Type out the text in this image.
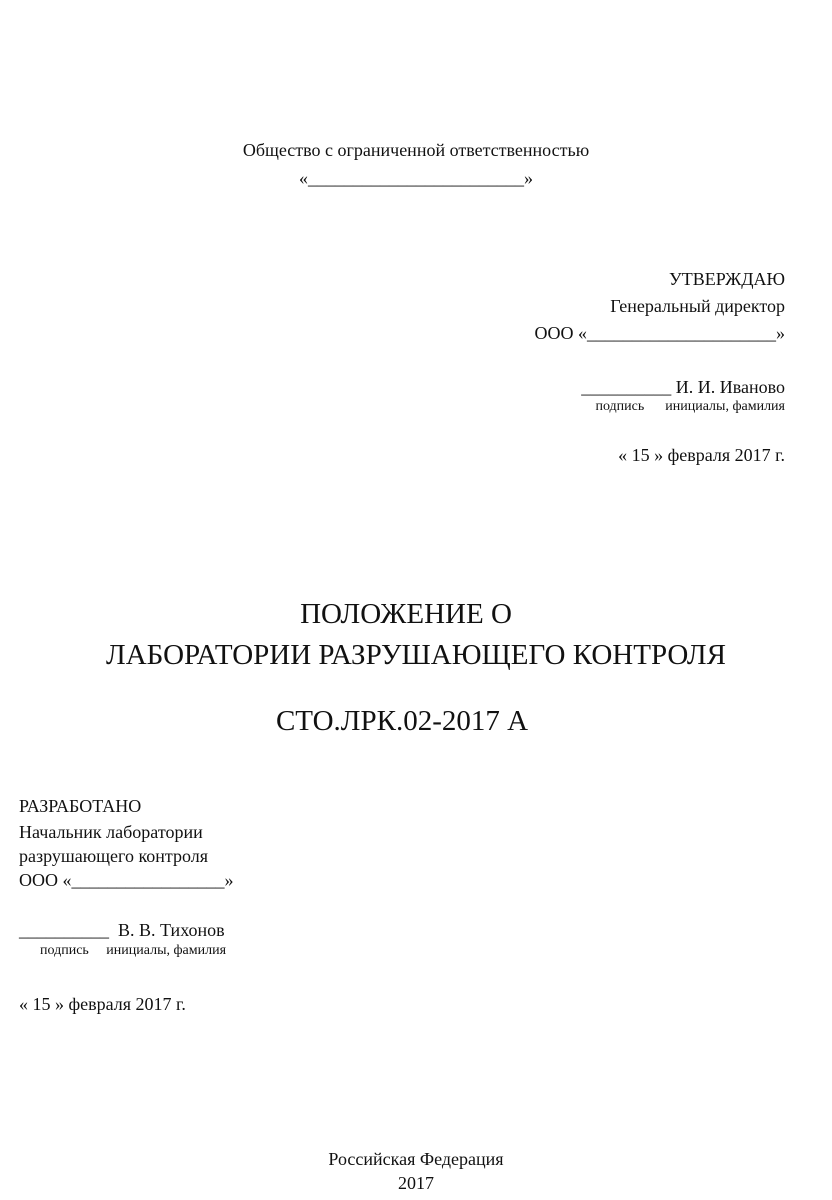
Общество с ограниченной ответственностью
«________________________»
УТВЕРЖДАЮ
Генеральный директор
ООО «_____________________»
__________ И. И. Иваново
подпись      инициалы, фамилия
« 15 » февраля 2017 г.
ПОЛОЖЕНИЕ О
ЛАБОРАТОРИИ РАЗРУШАЮЩЕГО КОНТРОЛЯ
СТО.ЛРК.02-2017 А
РАЗРАБОТАНО
Начальник лаборатории
разрушающего контроля
ООО «_________________»
__________  В. В. Тихонов
подпись     инициалы, фамилия
« 15 » февраля 2017 г.
Российская Федерация
2017
